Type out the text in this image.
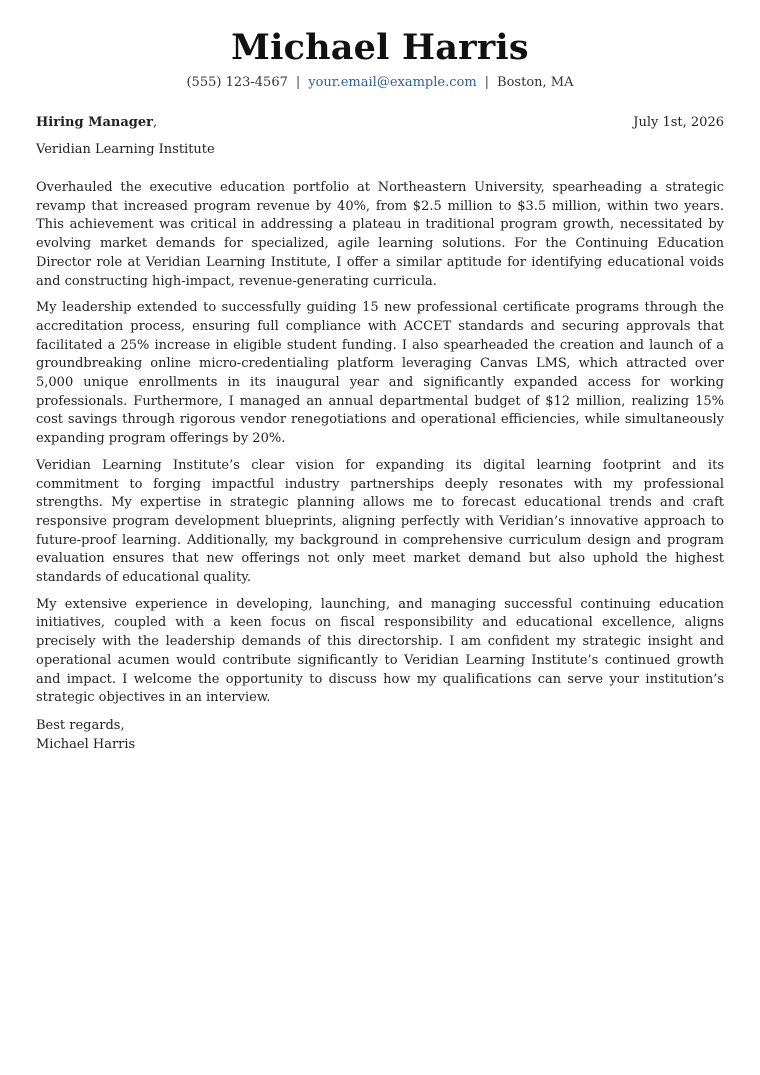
Michael Harris
(555) 123-4567 | your.email@example.com | Boston, MA
Hiring Manager,	July 1st, 2026
Veridian Learning Institute

Overhauled the executive education portfolio at Northeastern University, spearheading a strategic revamp that increased program revenue by 40%, from $2.5 million to $3.5 million, within two years. This achievement was critical in addressing a plateau in traditional program growth, necessitated by evolving market demands for specialized, agile learning solutions. For the Continuing Education Director role at Veridian Learning Institute, I offer a similar aptitude for identifying educational voids and constructing high-impact, revenue-generating curricula.

My leadership extended to successfully guiding 15 new professional certificate programs through the accreditation process, ensuring full compliance with ACCET standards and securing approvals that facilitated a 25% increase in eligible student funding. I also spearheaded the creation and launch of a groundbreaking online micro-credentialing platform leveraging Canvas LMS, which attracted over 5,000 unique enrollments in its inaugural year and significantly expanded access for working professionals. Furthermore, I managed an annual departmental budget of $12 million, realizing 15% cost savings through rigorous vendor renegotiations and operational efficiencies, while simultaneously expanding program offerings by 20%.

Veridian Learning Institute’s clear vision for expanding its digital learning footprint and its commitment to forging impactful industry partnerships deeply resonates with my professional strengths. My expertise in strategic planning allows me to forecast educational trends and craft responsive program development blueprints, aligning perfectly with Veridian’s innovative approach to future-proof learning. Additionally, my background in comprehensive curriculum design and program evaluation ensures that new offerings not only meet market demand but also uphold the highest standards of educational quality.

My extensive experience in developing, launching, and managing successful continuing education initiatives, coupled with a keen focus on fiscal responsibility and educational excellence, aligns precisely with the leadership demands of this directorship. I am confident my strategic insight and operational acumen would contribute significantly to Veridian Learning Institute’s continued growth and impact. I welcome the opportunity to discuss how my qualifications can serve your institution’s strategic objectives in an interview.

Best regards,
Michael Harris
